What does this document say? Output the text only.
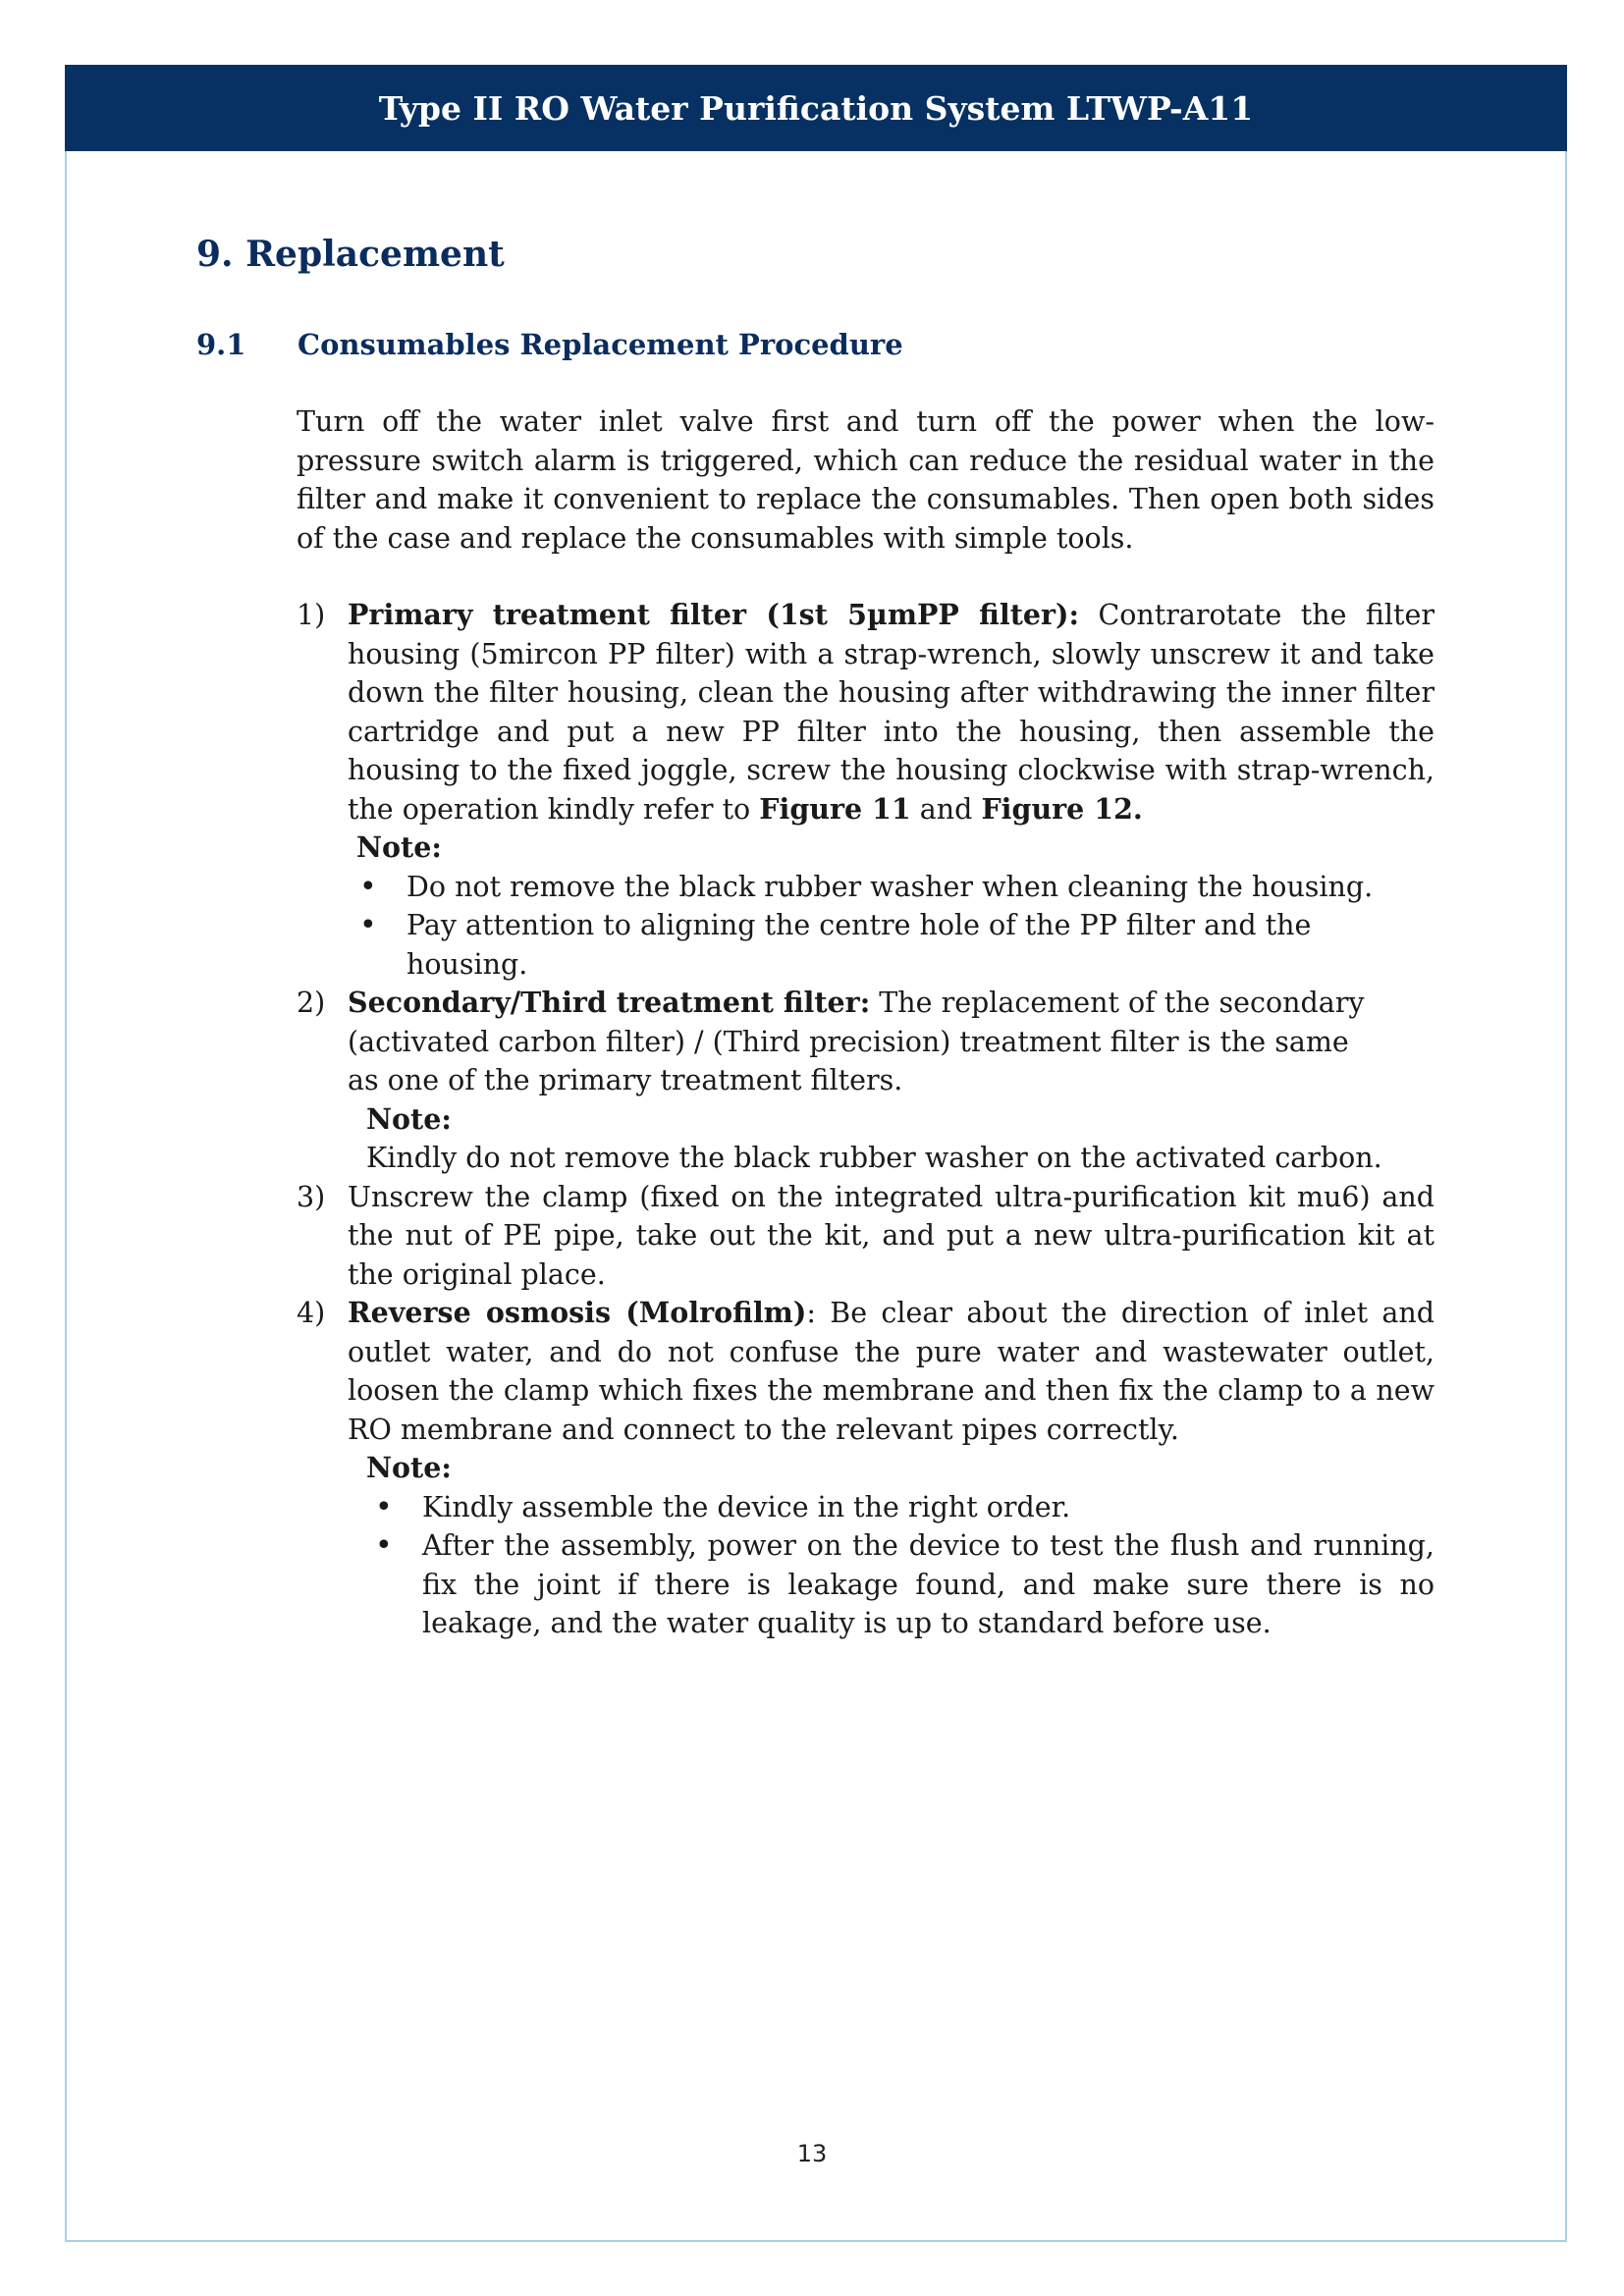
Type II RO Water Purification System LTWP-A11
9. Replacement
9.1 Consumables Replacement Procedure

Turn off the water inlet valve first and turn off the power when the low-pressure switch alarm is triggered, which can reduce the residual water in the filter and make it convenient to replace the consumables. Then open both sides of the case and replace the consumables with simple tools.

1) Primary treatment filter (1st 5µmPP filter): Contrarotate the filter housing (5mircon PP filter) with a strap-wrench, slowly unscrew it and take down the filter housing, clean the housing after withdrawing the inner filter cartridge and put a new PP filter into the housing, then assemble the housing to the fixed joggle, screw the housing clockwise with strap-wrench, the operation kindly refer to Figure 11 and Figure 12.

Note:

• Do not remove the black rubber washer when cleaning the housing.
• Pay attention to aligning the centre hole of the PP filter and the housing.
2) Secondary/Third treatment filter: The replacement of the secondary (activated carbon filter) / (Third precision) treatment filter is the same as one of the primary treatment filters.

Note:

Kindly do not remove the black rubber washer on the activated carbon.

3) Unscrew the clamp (fixed on the integrated ultra-purification kit mu6) and the nut of PE pipe, take out the kit, and put a new ultra-purification kit at the original place.

4) Reverse osmosis (Molrofilm): Be clear about the direction of inlet and outlet water, and do not confuse the pure water and wastewater outlet, loosen the clamp which fixes the membrane and then fix the clamp to a new RO membrane and connect to the relevant pipes correctly.

Note:

• Kindly assemble the device in the right order.
• After the assembly, power on the device to test the flush and running, fix the joint if there is leakage found, and make sure there is no leakage, and the water quality is up to standard before use.
13
